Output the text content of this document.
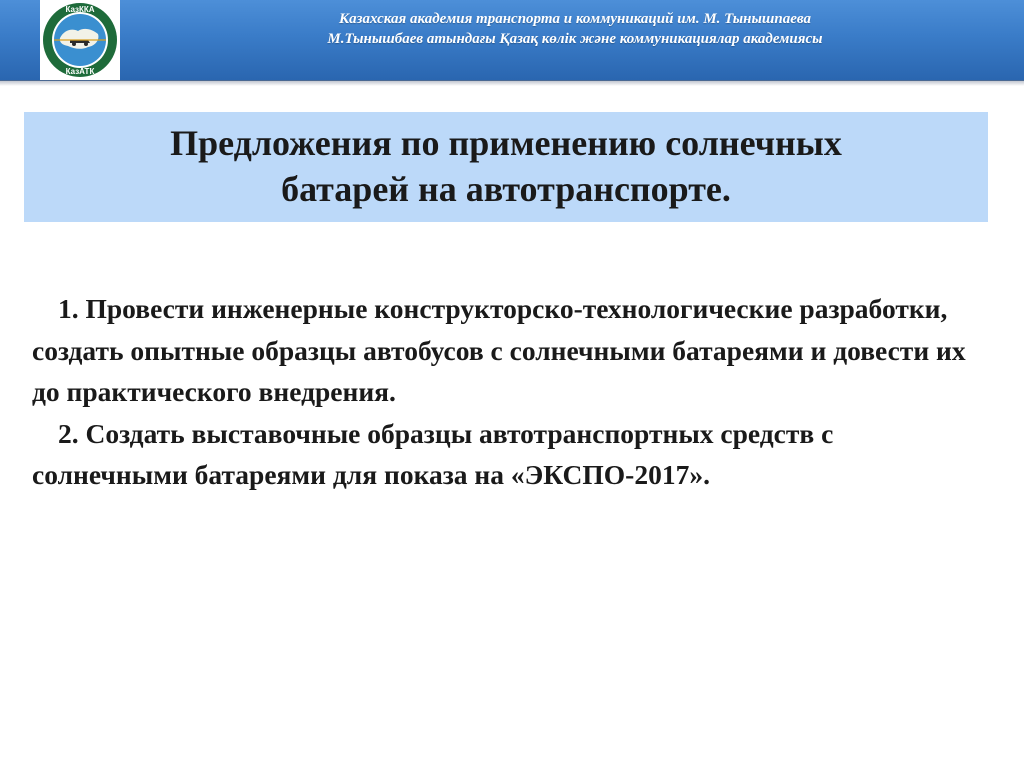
КазККА
КазАТК
Казахская академия транспорта и коммуникаций им. М. Тынышпаева
М.Тынышбаев атындағы Қазақ көлік және коммуникациялар академиясы
Предложения по применению солнечных
батарей на автотранспорте.
1. Провести инженерные конструкторско-технологические разработки, создать опытные образцы автобусов с солнечными батареями и довести их до практического внедрения.
2. Создать выставочные образцы автотранспортных средств с солнечными батареями для показа на «ЭКСПО-2017».
